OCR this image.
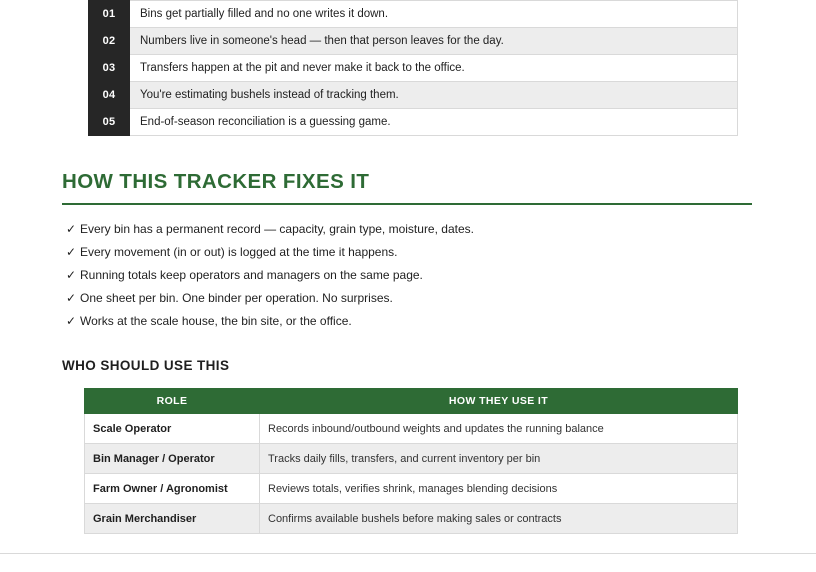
01	Bins get partially filled and no one writes it down.
02	Numbers live in someone's head — then that person leaves for the day.
03	Transfers happen at the pit and never make it back to the office.
04	You're estimating bushels instead of tracking them.
05	End-of-season reconciliation is a guessing game.
HOW THIS TRACKER FIXES IT
✓ Every bin has a permanent record — capacity, grain type, moisture, dates.
✓ Every movement (in or out) is logged at the time it happens.
✓ Running totals keep operators and managers on the same page.
✓ One sheet per bin. One binder per operation. No surprises.
✓ Works at the scale house, the bin site, or the office.
WHO SHOULD USE THIS
ROLE	HOW THEY USE IT
Scale Operator	Records inbound/outbound weights and updates the running balance
Bin Manager / Operator	Tracks daily fills, transfers, and current inventory per bin
Farm Owner / Agronomist	Reviews totals, verifies shrink, manages blending decisions
Grain Merchandiser	Confirms available bushels before making sales or contracts
